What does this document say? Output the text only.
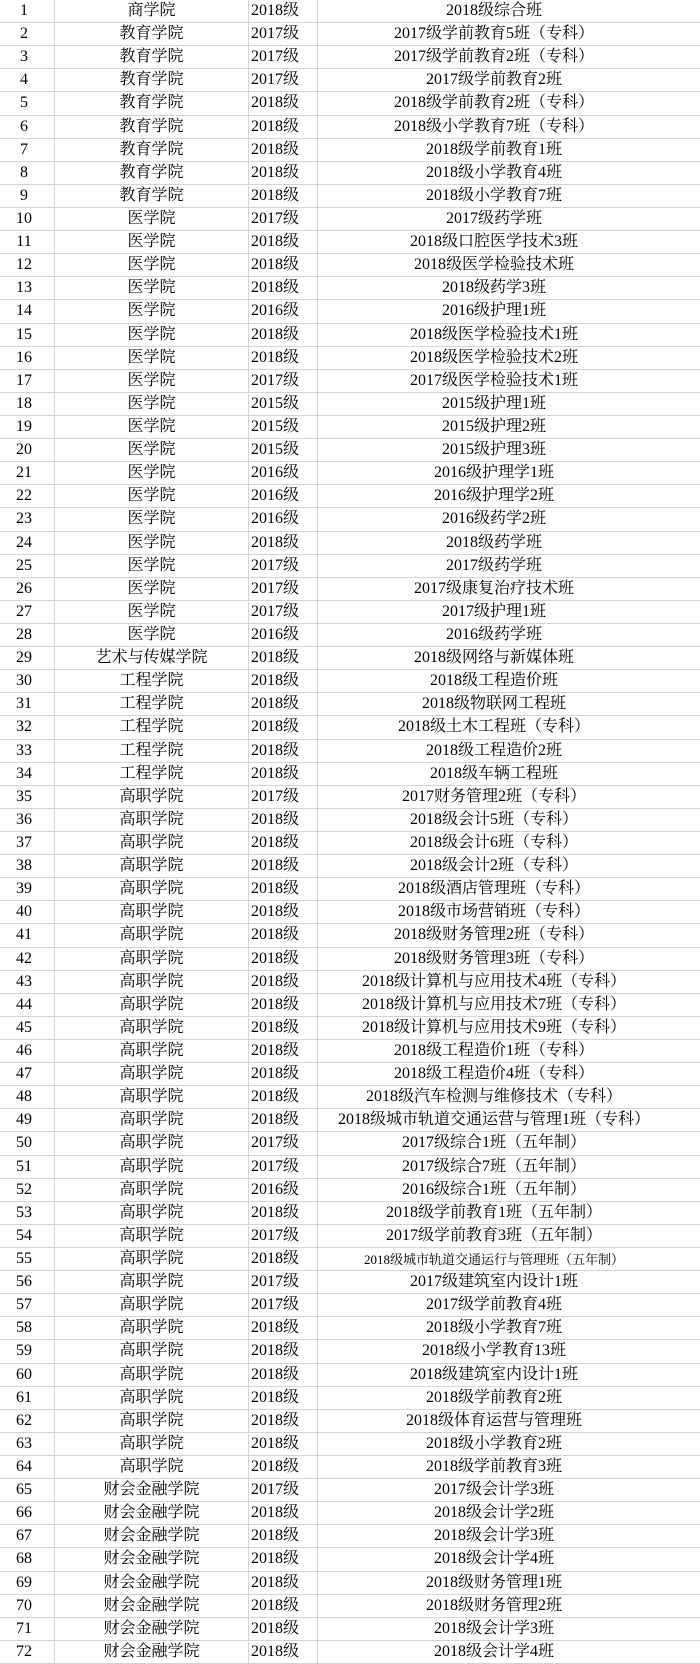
1	商学院	2018级	2018级综合班
2	教育学院	2017级	2017级学前教育5班（专科）
3	教育学院	2017级	2017级学前教育2班（专科）
4	教育学院	2017级	2017级学前教育2班
5	教育学院	2018级	2018级学前教育2班（专科）
6	教育学院	2018级	2018级小学教育7班（专科）
7	教育学院	2018级	2018级学前教育1班
8	教育学院	2018级	2018级小学教育4班
9	教育学院	2018级	2018级小学教育7班
10	医学院	2017级	2017级药学班
11	医学院	2018级	2018级口腔医学技术3班
12	医学院	2018级	2018级医学检验技术班
13	医学院	2018级	2018级药学3班
14	医学院	2016级	2016级护理1班
15	医学院	2018级	2018级医学检验技术1班
16	医学院	2018级	2018级医学检验技术2班
17	医学院	2017级	2017级医学检验技术1班
18	医学院	2015级	2015级护理1班
19	医学院	2015级	2015级护理2班
20	医学院	2015级	2015级护理3班
21	医学院	2016级	2016级护理学1班
22	医学院	2016级	2016级护理学2班
23	医学院	2016级	2016级药学2班
24	医学院	2018级	2018级药学班
25	医学院	2017级	2017级药学班
26	医学院	2017级	2017级康复治疗技术班
27	医学院	2017级	2017级护理1班
28	医学院	2016级	2016级药学班
29	艺术与传媒学院	2018级	2018级网络与新媒体班
30	工程学院	2018级	2018级工程造价班
31	工程学院	2018级	2018级物联网工程班
32	工程学院	2018级	2018级土木工程班（专科）
33	工程学院	2018级	2018级工程造价2班
34	工程学院	2018级	2018级车辆工程班
35	高职学院	2017级	2017财务管理2班（专科）
36	高职学院	2018级	2018级会计5班（专科）
37	高职学院	2018级	2018级会计6班（专科）
38	高职学院	2018级	2018级会计2班（专科）
39	高职学院	2018级	2018级酒店管理班（专科）
40	高职学院	2018级	2018级市场营销班（专科）
41	高职学院	2018级	2018级财务管理2班（专科）
42	高职学院	2018级	2018级财务管理3班（专科）
43	高职学院	2018级	2018级计算机与应用技术4班（专科）
44	高职学院	2018级	2018级计算机与应用技术7班（专科）
45	高职学院	2018级	2018级计算机与应用技术9班（专科）
46	高职学院	2018级	2018级工程造价1班（专科）
47	高职学院	2018级	2018级工程造价4班（专科）
48	高职学院	2018级	2018级汽车检测与维修技术（专科）
49	高职学院	2018级	2018级城市轨道交通运营与管理1班（专科）
50	高职学院	2017级	2017级综合1班（五年制）
51	高职学院	2017级	2017级综合7班（五年制）
52	高职学院	2016级	2016级综合1班（五年制）
53	高职学院	2018级	2018级学前教育1班（五年制）
54	高职学院	2017级	2017级学前教育3班（五年制）
55	高职学院	2018级	2018级城市轨道交通运行与管理班（五年制）
56	高职学院	2017级	2017级建筑室内设计1班
57	高职学院	2017级	2017级学前教育4班
58	高职学院	2018级	2018级小学教育7班
59	高职学院	2018级	2018级小学教育13班
60	高职学院	2018级	2018级建筑室内设计1班
61	高职学院	2018级	2018级学前教育2班
62	高职学院	2018级	2018级体育运营与管理班
63	高职学院	2018级	2018级小学教育2班
64	高职学院	2018级	2018级学前教育3班
65	财会金融学院	2017级	2017级会计学3班
66	财会金融学院	2018级	2018级会计学2班
67	财会金融学院	2018级	2018级会计学3班
68	财会金融学院	2018级	2018级会计学4班
69	财会金融学院	2018级	2018级财务管理1班
70	财会金融学院	2018级	2018级财务管理2班
71	财会金融学院	2018级	2018级会计学3班
72	财会金融学院	2018级	2018级会计学4班
